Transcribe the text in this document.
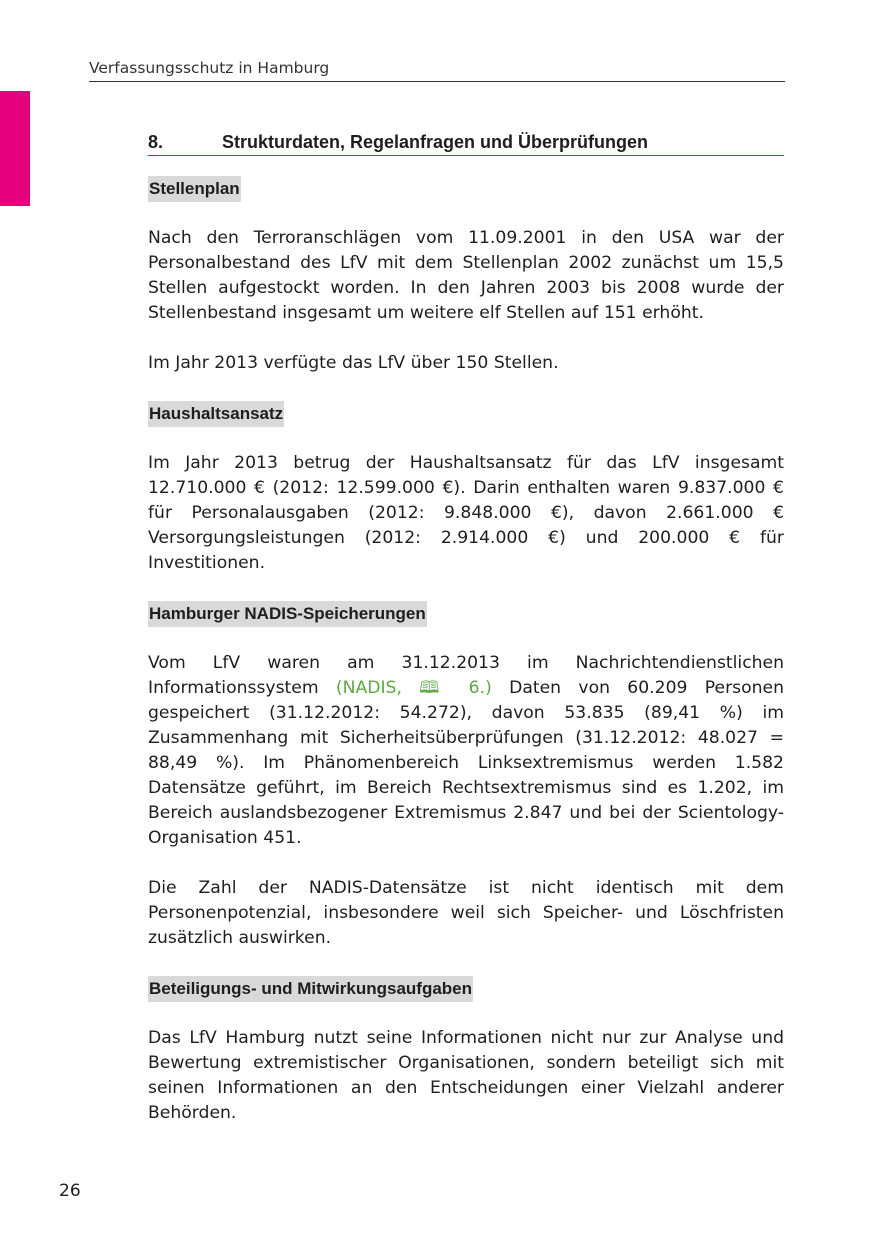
Verfassungsschutz in Hamburg
8.	Strukturdaten, Regelanfragen und Überprüfungen
Stellenplan

Nach den Terroranschlägen vom 11.09.2001 in den USA war der Personalbestand des LfV mit dem Stellenplan 2002 zunächst um 15,5 Stellen aufgestockt worden. In den Jahren 2003 bis 2008 wurde der Stellenbestand insgesamt um weitere elf Stellen auf 151 erhöht.

Im Jahr 2013 verfügte das LfV über 150 Stellen.

Haushaltsansatz

Im Jahr 2013 betrug der Haushaltsansatz für das LfV insgesamt 12.710.000 € (2012: 12.599.000 €). Darin enthalten waren 9.837.000 € für Personalausgaben (2012: 9.848.000 €), davon 2.661.000 € Versorgungsleistungen (2012: 2.914.000 €) und 200.000 € für Investitionen.

Hamburger NADIS-Speicherungen

Vom LfV waren am 31.12.2013 im Nachrichtendienstlichen Informationssystem (NADIS, 🕮 6.) Daten von 60.209 Personen gespeichert (31.12.2012: 54.272), davon 53.835 (89,41 %) im Zusammenhang mit Sicherheitsüberprüfungen (31.12.2012: 48.027 = 88,49 %). Im Phänomenbereich Linksextremismus werden 1.582 Datensätze geführt, im Bereich Rechtsextremismus sind es 1.202, im Bereich auslandsbezogener Extremismus 2.847 und bei der Scientology-Organisation 451.

Die Zahl der NADIS-Datensätze ist nicht identisch mit dem Personenpotenzial, insbesondere weil sich Speicher- und Löschfristen zusätzlich auswirken.

Beteiligungs- und Mitwirkungsaufgaben

Das LfV Hamburg nutzt seine Informationen nicht nur zur Analyse und Bewertung extremistischer Organisationen, sondern beteiligt sich mit seinen Informationen an den Entscheidungen einer Vielzahl anderer Behörden.

26
